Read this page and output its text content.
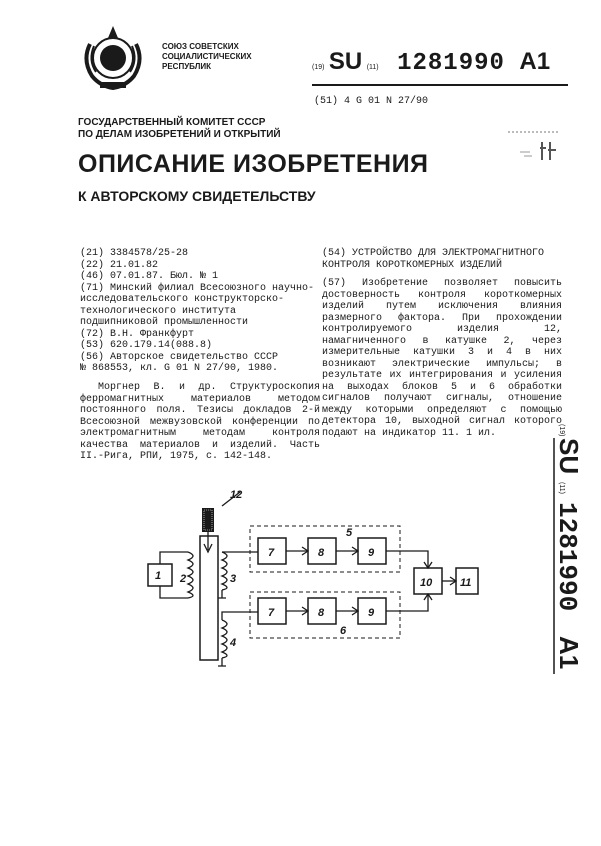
СОЮЗ СОВЕТСКИХ
СОЦИАЛИСТИЧЕСКИХ
РЕСПУБЛИК	(19) SU (11) 1281990 A1
(51) 4 G 01 N 27/90
ГОСУДАРСТВЕННЫЙ КОМИТЕТ СССР
ПО ДЕЛАМ ИЗОБРЕТЕНИЙ И ОТКРЫТИЙ
ОПИСАНИЕ ИЗОБРЕТЕНИЯ
К АВТОРСКОМУ СВИДЕТЕЛЬСТВУ

(21) 3384578/25-28

(22) 21.01.82

(46) 07.01.87. Бюл. № 1

(71) Минский филиал Всесоюзного научно-исследовательского конструкторско-технологического института подшипниковой промышленности

(72) В.Н. Франкфурт

(53) 620.179.14(088.8)

(56) Авторское свидетельство СССР

№ 868553, кл. G 01 N 27/90, 1980.

Моргнер В. и др. Структуроскопия ферромагнитных материалов методом постоянного поля. Тезисы докладов 2-й Всесоюзной межвузовской конференции по электромагнитным методам контроля качества материалов и изделий. Часть II.-Рига, РПИ, 1975, с. 142-148.
(54) УСТРОЙСТВО ДЛЯ ЭЛЕКТРОМАГНИТНОГО КОНТРОЛЯ КОРОТКОМЕРНЫХ ИЗДЕЛИЙ
(57) Изобретение позволяет повысить достоверность контроля короткомерных изделий путем исключения влияния размерного фактора. При прохождении контролируемого изделия 12, намагниченного в катушке 2, через измерительные катушки 3 и 4 в них возникают электрические импульсы; в результате их интегрирования и усиления на выходах блоков 5 и 6 обработки сигналов получают сигналы, отношение между которыми определяют с помощью детектора 10, выходной сигнал которого подают на индикатор 11. 1 ил.	(19)
SU
(11)
1281990
A1
12
1 2	3
4
5
7	8	9
6
7	8	9
10	11
